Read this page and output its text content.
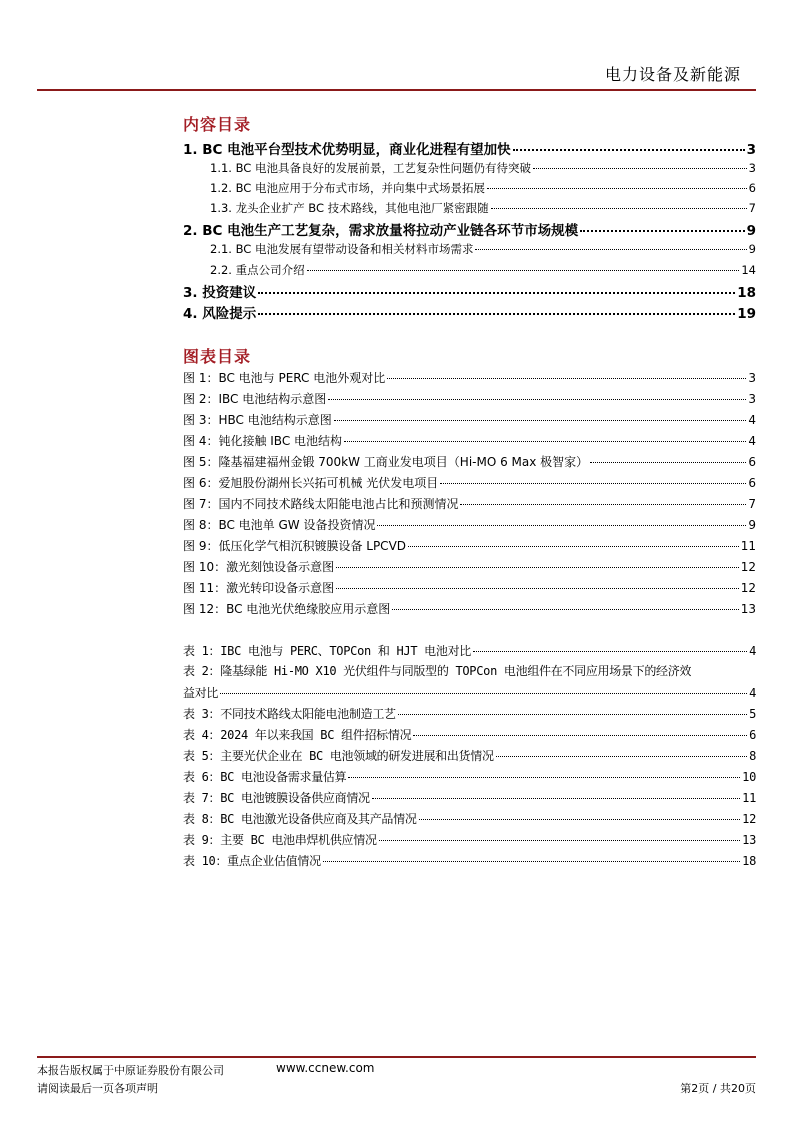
电力设备及新能源
内容目录
1. BC 电池平台型技术优势明显，商业化进程有望加快	3
1.1. BC 电池具备良好的发展前景，工艺复杂性问题仍有待突破	3
1.2. BC 电池应用于分布式市场，并向集中式场景拓展	6
1.3. 龙头企业扩产 BC 技术路线，其他电池厂紧密跟随	7
2. BC 电池生产工艺复杂，需求放量将拉动产业链各环节市场规模	9
2.1. BC 电池发展有望带动设备和相关材料市场需求	9
2.2. 重点公司介绍	14
3. 投资建议	18
4. 风险提示	19
图表目录
图 1：BC 电池与 PERC 电池外观对比	3
图 2：IBC 电池结构示意图	3
图 3：HBC 电池结构示意图	4
图 4：钝化接触 IBC 电池结构	4
图 5：隆基福建福州金锻 700kW 工商业发电项目（Hi-MO 6 Max 极智家）	6
图 6：爱旭股份湖州长兴拓可机械 光伏发电项目	6
图 7：国内不同技术路线太阳能电池占比和预测情况	7
图 8：BC 电池单 GW 设备投资情况	9
图 9：低压化学气相沉积镀膜设备 LPCVD	11
图 10：激光刻蚀设备示意图	12
图 11：激光转印设备示意图	12
图 12：BC 电池光伏绝缘胶应用示意图	13
表 1：IBC 电池与 PERC、TOPCon 和 HJT 电池对比	4
表 2：隆基绿能 Hi-MO X10 光伏组件与同版型的 TOPCon 电池组件在不同应用场景下的经济效
益对比	4
表 3：不同技术路线太阳能电池制造工艺	5
表 4：2024 年以来我国 BC 组件招标情况	6
表 5：主要光伏企业在 BC 电池领域的研发进展和出货情况	8
表 6：BC 电池设备需求量估算	10
表 7：BC 电池镀膜设备供应商情况	11
表 8：BC 电池激光设备供应商及其产品情况	12
表 9：主要 BC 电池串焊机供应情况	13
表 10：重点企业估值情况	18
本报告版权属于中原证券股份有限公司	www.ccnew.com
请阅读最后一页各项声明	第2页 / 共20页
